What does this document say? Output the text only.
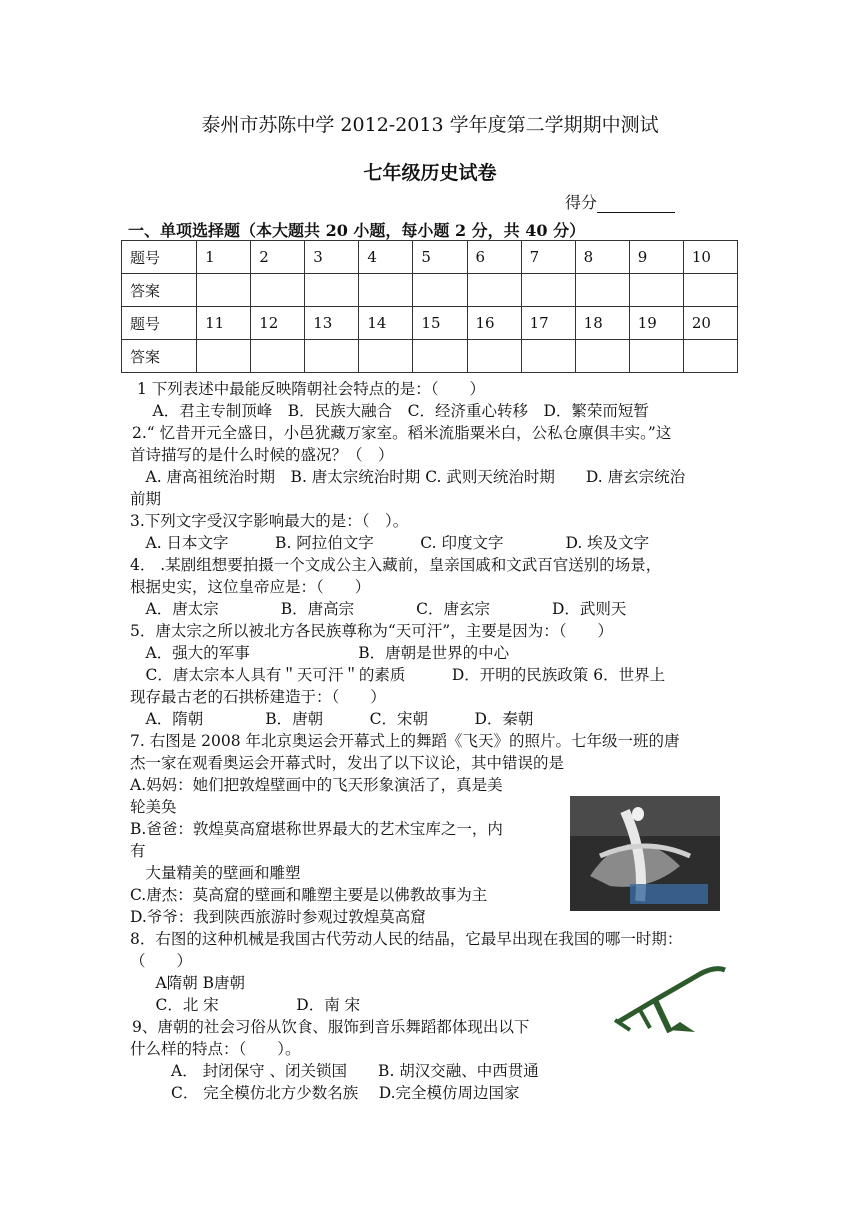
泰州市苏陈中学 2012-2013 学年度第二学期期中测试
七年级历史试卷
得分
一、单项选择题（本大题共 20 小题，每小题 2 分，共 40 分）
题号	1	2	3	4	5	6	7	8	9	10
答案										
题号	11	12	13	14	15	16	17	18	19	20
答案										
1 下列表述中最能反映隋朝社会特点的是：（　　）
　A．君主专制顶峰　B．民族大融合　C．经济重心转移　D．繁荣而短暂
2.“ 忆昔开元全盛日，小邑犹藏万家室。稻米流脂粟米白，公私仓廪俱丰实。”这
首诗描写的是什么时候的盛况？（　）
　A. 唐高祖统治时期　B. 唐太宗统治时期 C. 武则天统治时期　　D. 唐玄宗统治
前期
3.下列文字受汉字影响最大的是：（　）。
　A. 日本文字　　　B. 阿拉伯文字　　　C. 印度文字　　　　D. 埃及文字
4． .某剧组想要拍摄一个文成公主入藏前，皇亲国戚和文武百官送别的场景，
根据史实，这位皇帝应是：（　　）
　A．唐太宗　　　　B．唐高宗　　　　C．唐玄宗　　　　D．武则天
5．唐太宗之所以被北方各民族尊称为“天可汗”，主要是因为：（　　）
　A．强大的军事　　　　　　　B．唐朝是世界的中心
　C．唐太宗本人具有＂天可汗＂的素质　　　D．开明的民族政策 6．世界上
现存最古老的石拱桥建造于：（　　）
　A．隋朝　　　　B．唐朝　　　C．宋朝　　　D．秦朝
7. 右图是 2008 年北京奥运会开幕式上的舞蹈《飞天》的照片。七年级一班的唐
杰一家在观看奥运会开幕式时，发出了以下议论，其中错误的是
A.妈妈：她们把敦煌壁画中的飞天形象演活了，真是美
轮美奂
B.爸爸：敦煌莫高窟堪称世界最大的艺术宝库之一，内
有
　大量精美的壁画和雕塑
C.唐杰：莫高窟的壁画和雕塑主要是以佛教故事为主
D.爷爷：我到陕西旅游时参观过敦煌莫高窟
8．右图的这种机械是我国古代劳动人民的结晶，它最早出现在我国的哪一时期：
（　　）
　A隋朝 B唐朝
　C．北 宋　　　　　D．南 宋
9、唐朝的社会习俗从饮食、服饰到音乐舞蹈都体现出以下
什么样的特点：（　　）。
　　A． 封闭保守 、闭关锁国　　B. 胡汉交融、中西贯通
　　C． 完全模仿北方少数名族　 D.完全模仿周边国家
